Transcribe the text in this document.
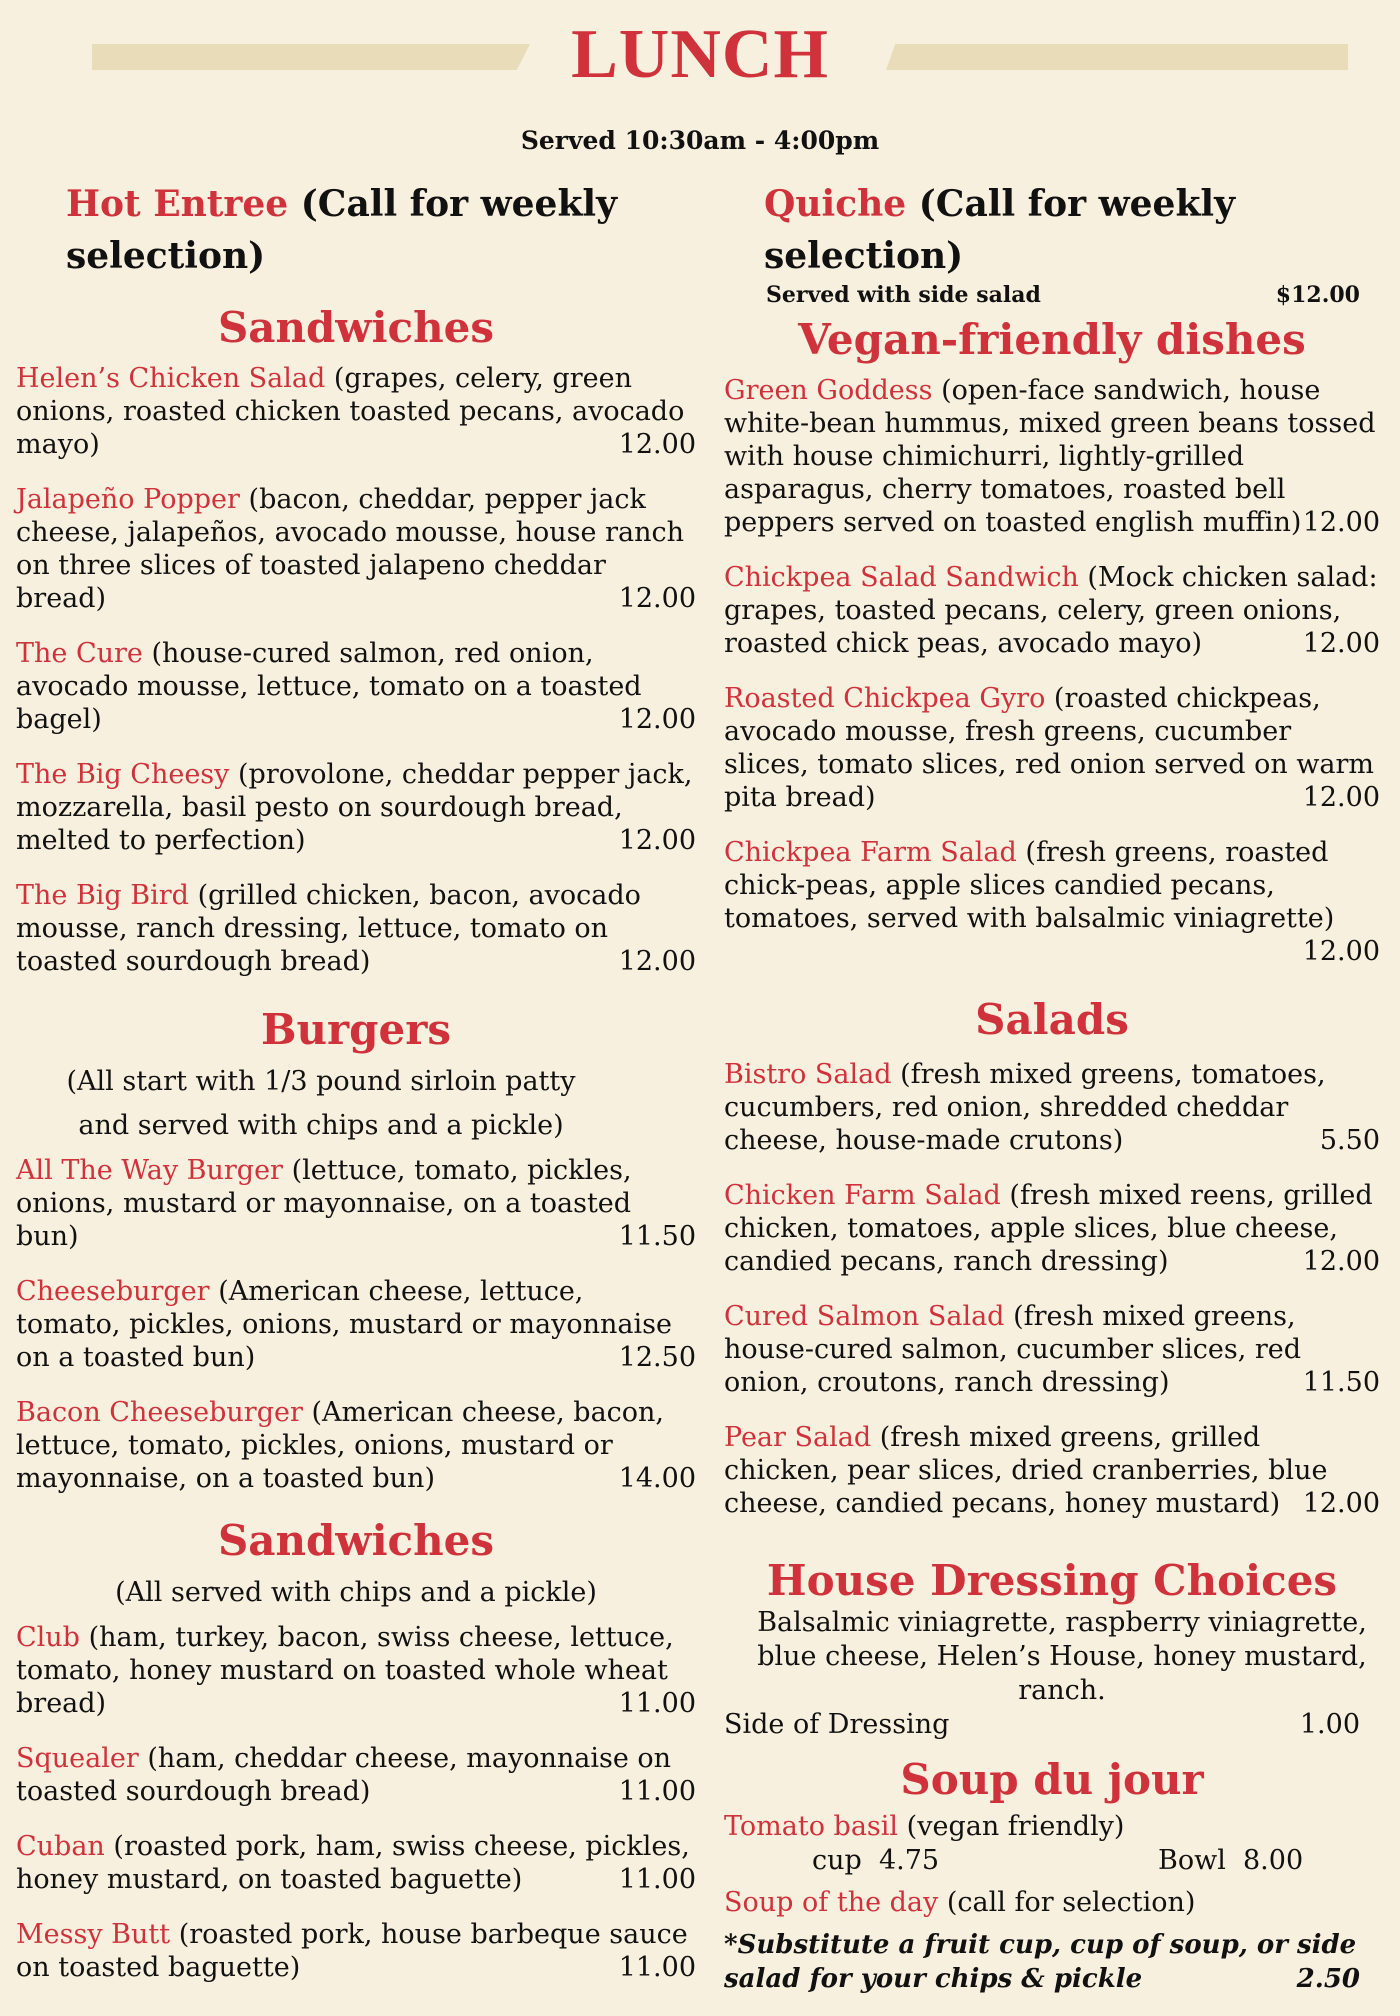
LUNCH
Served 10:30am - 4:00pm
Hot Entree (Call for weekly selection)
Sandwiches
Helen’s Chicken Salad (grapes, celery, green onions, roasted chicken toasted pecans, avocado mayo)	12.00
Jalapeño Popper (bacon, cheddar, pepper jack cheese, jalapeños, avocado mousse, house ranch on three slices of toasted jalapeno cheddar bread)	12.00
The Cure (house-cured salmon, red onion, avocado mousse, lettuce, tomato on a toasted bagel)	12.00
The Big Cheesy (provolone, cheddar pepper jack, mozzarella, basil pesto on sourdough bread, melted to perfection)	12.00
The Big Bird (grilled chicken, bacon, avocado mousse, ranch dressing, lettuce, tomato on toasted sourdough bread)	12.00
Burgers
(All start with 1/3 pound sirloin patty and served with chips and a pickle)
All The Way Burger (lettuce, tomato, pickles, onions, mustard or mayonnaise, on a toasted bun)	11.50
Cheeseburger (American cheese, lettuce, tomato, pickles, onions, mustard or mayonnaise on a toasted bun)	12.50
Bacon Cheeseburger (American cheese, bacon, lettuce, tomato, pickles, onions, mustard or mayonnaise, on a toasted bun)	14.00
Sandwiches
(All served with chips and a pickle)
Club (ham, turkey, bacon, swiss cheese, lettuce, tomato, honey mustard on toasted whole wheat bread)	11.00
Squealer (ham, cheddar cheese, mayonnaise on toasted sourdough bread)	11.00
Cuban (roasted pork, ham, swiss cheese, pickles, honey mustard, on toasted baguette)	11.00
Messy Butt (roasted pork, house barbeque sauce on toasted baguette)	11.00
Quiche (Call for weekly selection)
Served with side salad	$12.00
Vegan-friendly dishes
Green Goddess (open-face sandwich, house white-bean hummus, mixed green beans tossed with house chimichurri, lightly-grilled asparagus, cherry tomatoes, roasted bell peppers served on toasted english muffin) 12.00
Chickpea Salad Sandwich (Mock chicken salad: grapes, toasted pecans, celery, green onions, roasted chick peas, avocado mayo)	12.00
Roasted Chickpea Gyro (roasted chickpeas, avocado mousse, fresh greens, cucumber slices, tomato slices, red onion served on warm pita bread)	12.00
Chickpea Farm Salad (fresh greens, roasted chick-peas, apple slices candied pecans, tomatoes, served with balsalmic viniagrette)
12.00
Salads
Bistro Salad (fresh mixed greens, tomatoes, cucumbers, red onion, shredded cheddar cheese, house-made crutons)	5.50
Chicken Farm Salad (fresh mixed reens, grilled chicken, tomatoes, apple slices, blue cheese, candied pecans, ranch dressing)	12.00
Cured Salmon Salad (fresh mixed greens, house-cured salmon, cucumber slices, red onion, croutons, ranch dressing)	11.50
Pear Salad (fresh mixed greens, grilled chicken, pear slices, dried cranberries, blue cheese, candied pecans, honey mustard) 12.00
House Dressing Choices
Balsalmic viniagrette, raspberry viniagrette, blue cheese, Helen’s House, honey mustard, ranch.
Side of Dressing	1.00
Soup du jour
Tomato basil (vegan friendly)
cup  4.75	Bowl  8.00
Soup of the day (call for selection)
*Substitute a fruit cup, cup of soup, or side salad for your chips & pickle	2.50
